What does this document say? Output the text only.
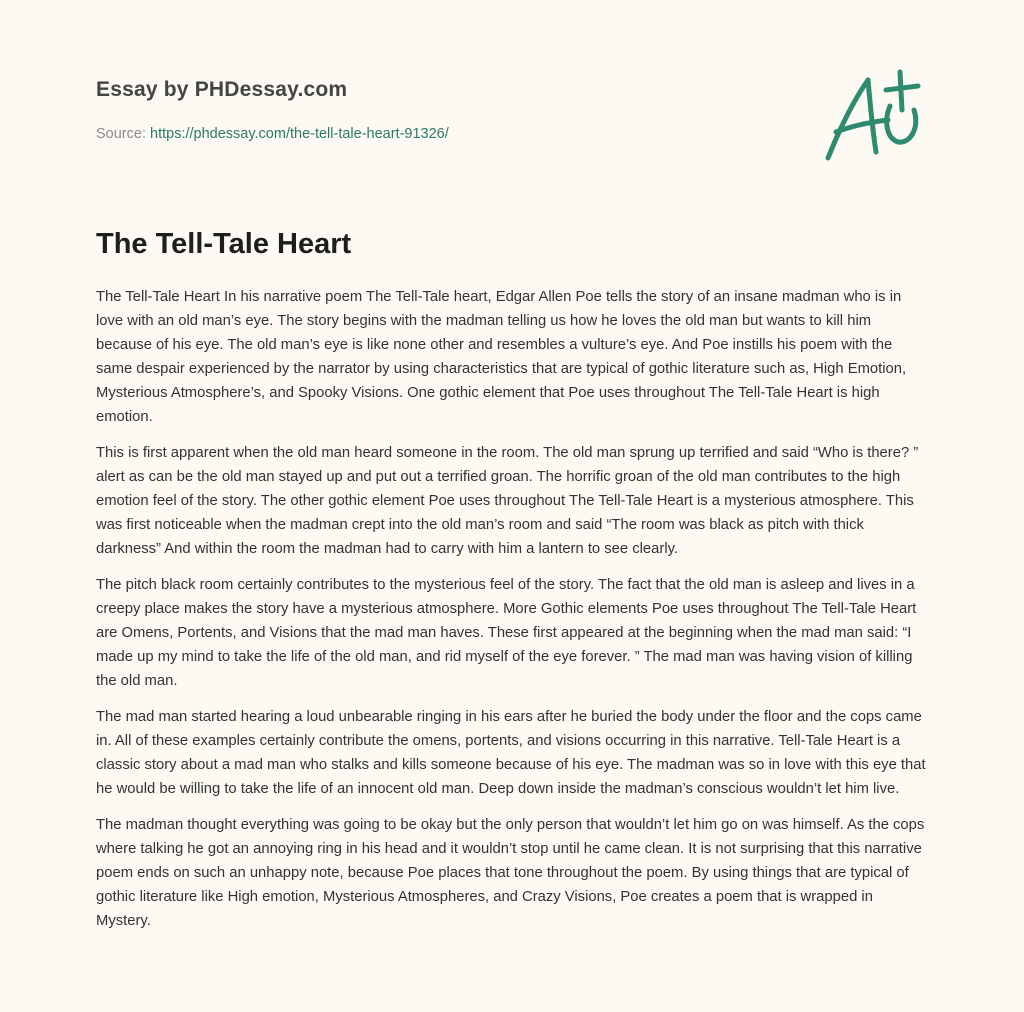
Essay by PHDessay.com
Source: https://phdessay.com/the-tell-tale-heart-91326/
The Tell-Tale Heart

The Tell-Tale Heart In his narrative poem The Tell-Tale heart, Edgar Allen Poe tells the story of an insane madman who is in love with an old man’s eye. The story begins with the madman telling us how he loves the old man but wants to kill him because of his eye. The old man’s eye is like none other and resembles a vulture’s eye. And Poe instills his poem with the same despair experienced by the narrator by using characteristics that are typical of gothic literature such as, High Emotion, Mysterious Atmosphere’s, and Spooky Visions. One gothic element that Poe uses throughout The Tell-Tale Heart is high emotion.

This is first apparent when the old man heard someone in the room. The old man sprung up terrified and said “Who is there? ” alert as can be the old man stayed up and put out a terrified groan. The horrific groan of the old man contributes to the high emotion feel of the story. The other gothic element Poe uses throughout The Tell-Tale Heart is a mysterious atmosphere. This was first noticeable when the madman crept into the old man’s room and said “The room was black as pitch with thick darkness” And within the room the madman had to carry with him a lantern to see clearly.

The pitch black room certainly contributes to the mysterious feel of the story. The fact that the old man is asleep and lives in a creepy place makes the story have a mysterious atmosphere. More Gothic elements Poe uses throughout The Tell-Tale Heart are Omens, Portents, and Visions that the mad man haves. These first appeared at the beginning when the mad man said: “I made up my mind to take the life of the old man, and rid myself of the eye forever. ” The mad man was having vision of killing the old man.

The mad man started hearing a loud unbearable ringing in his ears after he buried the body under the floor and the cops came in. All of these examples certainly contribute the omens, portents, and visions occurring in this narrative. Tell-Tale Heart is a classic story about a mad man who stalks and kills someone because of his eye. The madman was so in love with this eye that he would be willing to take the life of an innocent old man. Deep down inside the madman’s conscious wouldn’t let him live.

The madman thought everything was going to be okay but the only person that wouldn’t let him go on was himself. As the cops where talking he got an annoying ring in his head and it wouldn’t stop until he came clean. It is not surprising that this narrative poem ends on such an unhappy note, because Poe places that tone throughout the poem. By using things that are typical of gothic literature like High emotion, Mysterious Atmospheres, and Crazy Visions, Poe creates a poem that is wrapped in Mystery.
